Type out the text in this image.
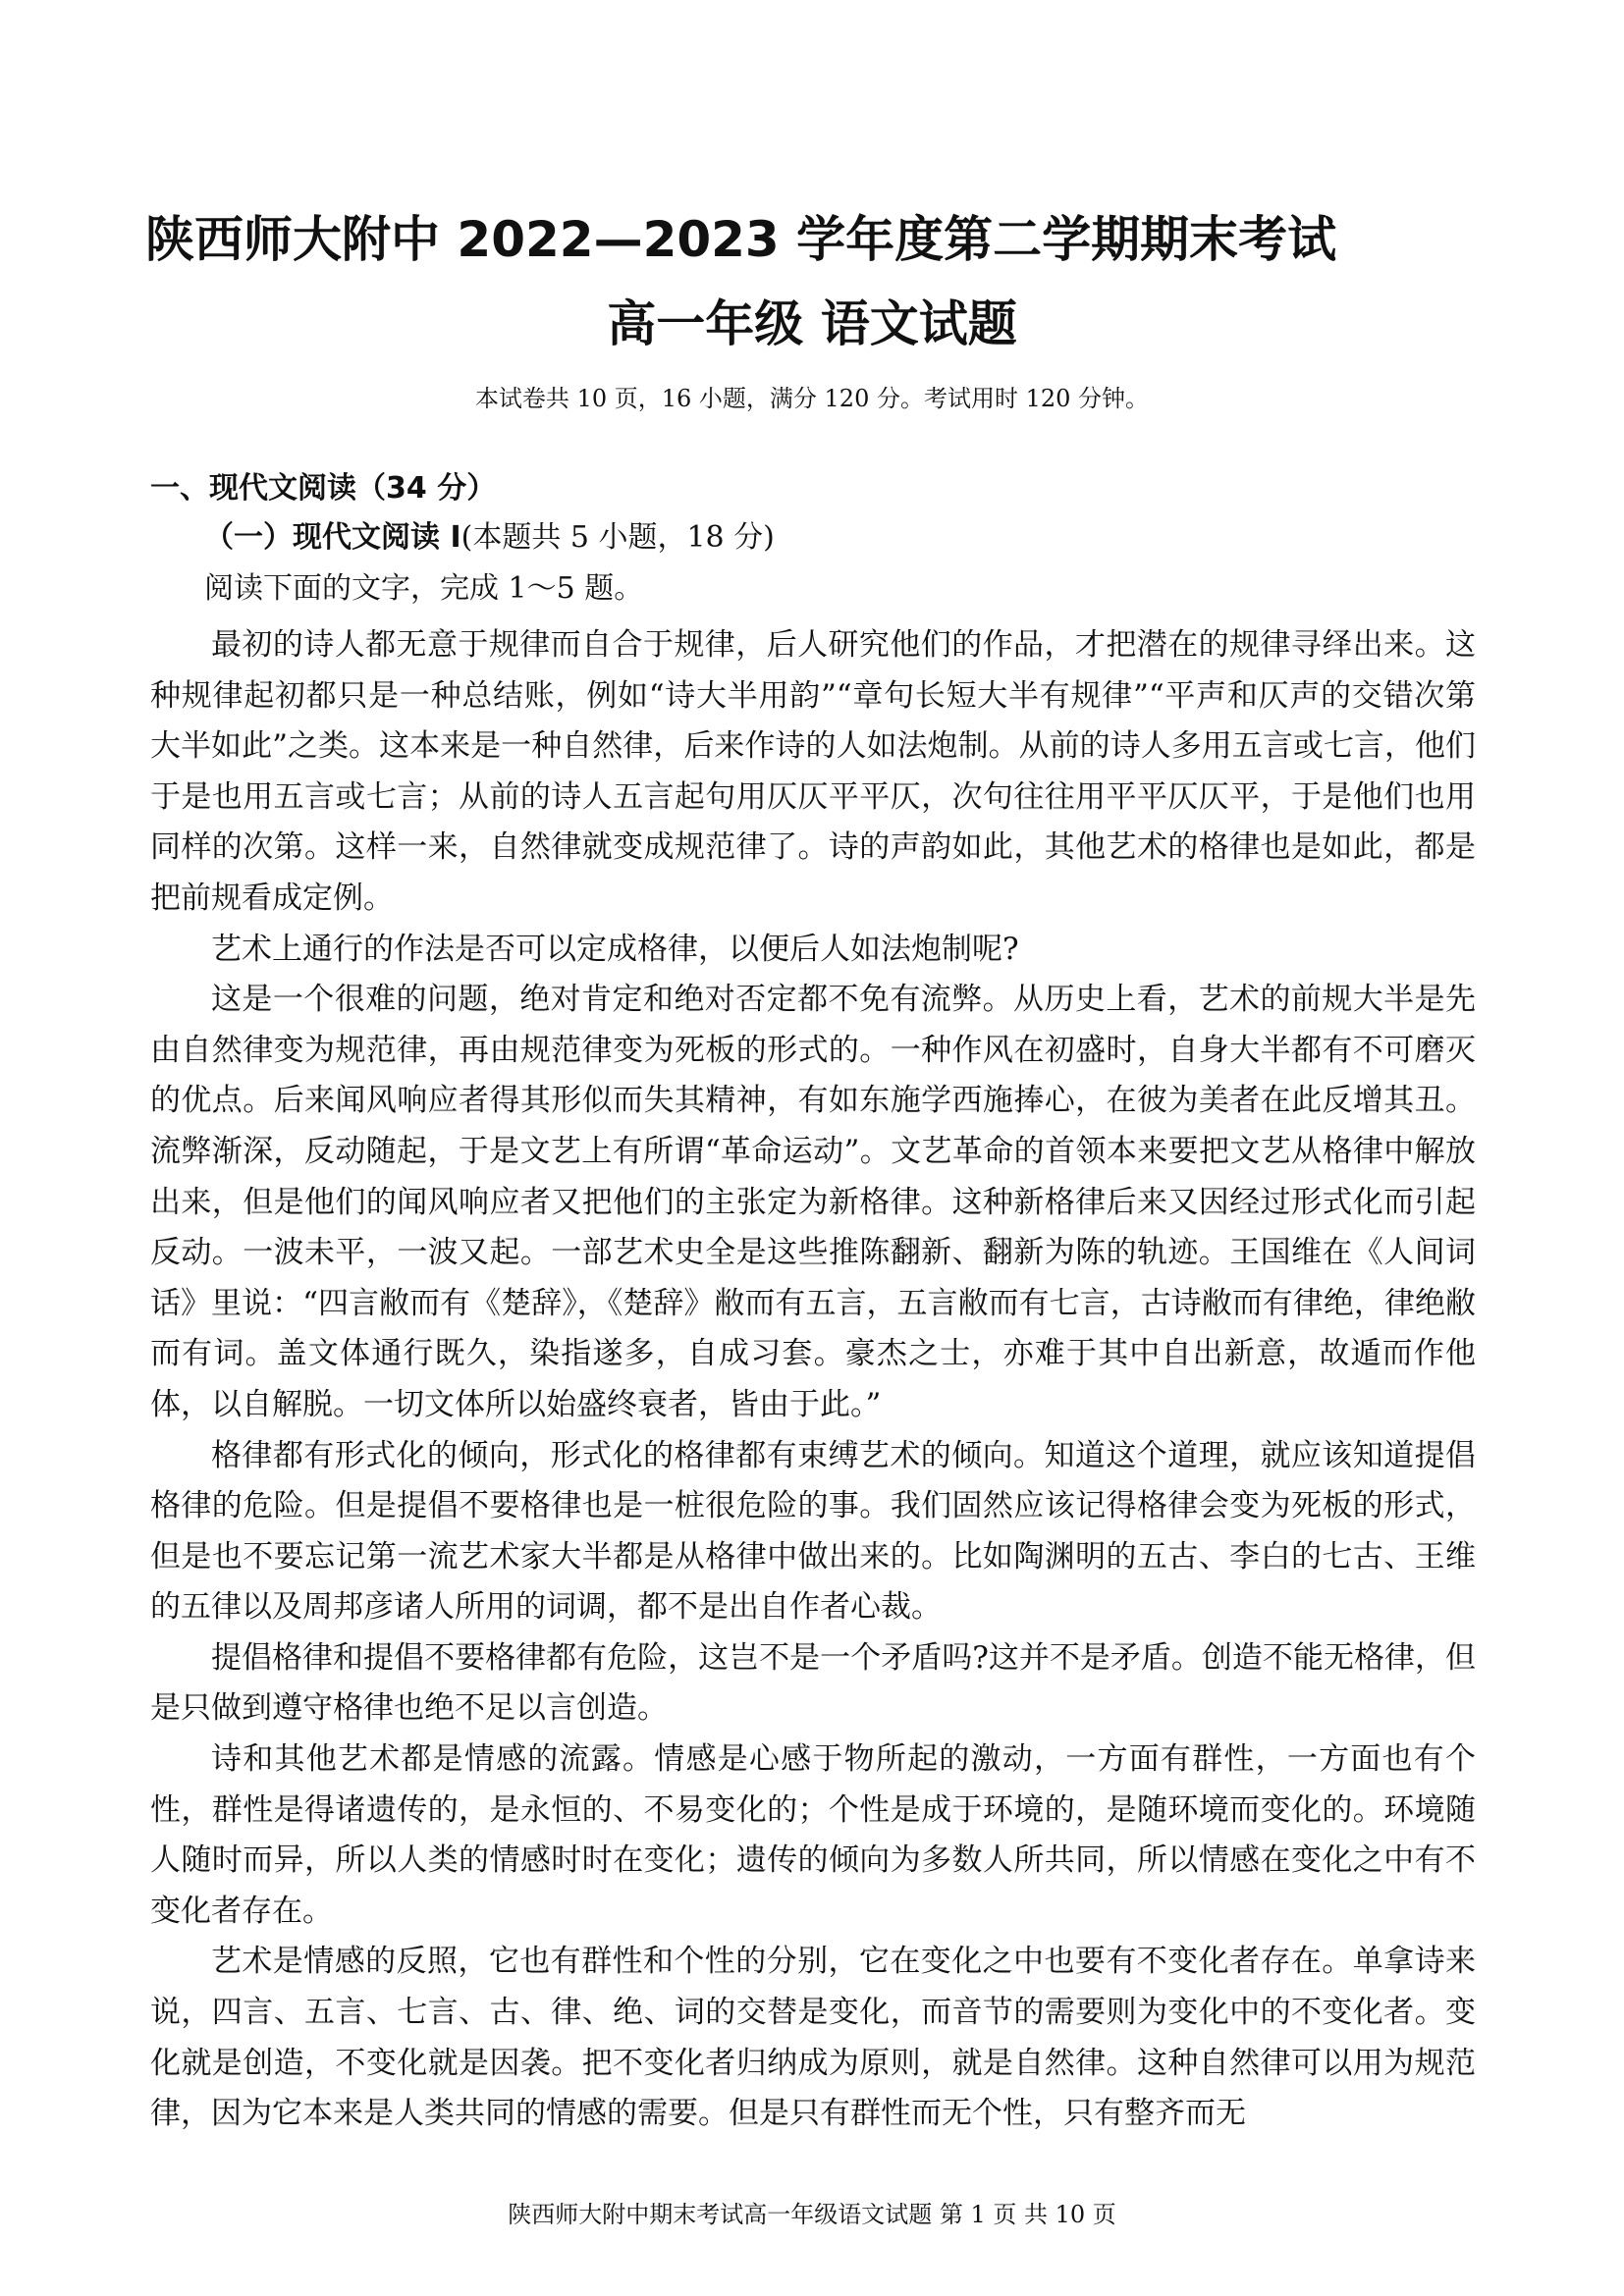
陕西师大附中 2022—2023 学年度第二学期期末考试
高一年级 语文试题
本试卷共 10 页，16 小题，满分 120 分。考试用时 120 分钟。
一、现代文阅读（34 分）
（一）现代文阅读 I(本题共 5 小题，18 分)
阅读下面的文字，完成 1～5 题。

最初的诗人都无意于规律而自合于规律，后人研究他们的作品，才把潜在的规律寻绎出来。这种规律起初都只是一种总结账，例如“诗大半用韵”“章句长短大半有规律”“平声和仄声的交错次第大半如此”之类。这本来是一种自然律，后来作诗的人如法炮制。从前的诗人多用五言或七言，他们于是也用五言或七言；从前的诗人五言起句用仄仄平平仄，次句往往用平平仄仄平，于是他们也用同样的次第。这样一来，自然律就变成规范律了。诗的声韵如此，其他艺术的格律也是如此，都是把前规看成定例。

艺术上通行的作法是否可以定成格律，以便后人如法炮制呢?

这是一个很难的问题，绝对肯定和绝对否定都不免有流弊。从历史上看，艺术的前规大半是先由自然律变为规范律，再由规范律变为死板的形式的。一种作风在初盛时，自身大半都有不可磨灭的优点。后来闻风响应者得其形似而失其精神，有如东施学西施捧心，在彼为美者在此反增其丑。流弊渐深，反动随起，于是文艺上有所谓“革命运动”。文艺革命的首领本来要把文艺从格律中解放出来，但是他们的闻风响应者又把他们的主张定为新格律。这种新格律后来又因经过形式化而引起反动。一波未平，一波又起。一部艺术史全是这些推陈翻新、翻新为陈的轨迹。王国维在《人间词话》里说：“四言敝而有《楚辞》，《楚辞》敝而有五言，五言敝而有七言，古诗敝而有律绝，律绝敝而有词。盖文体通行既久，染指遂多，自成习套。豪杰之士，亦难于其中自出新意，故遁而作他体，以自解脱。一切文体所以始盛终衰者，皆由于此。”

格律都有形式化的倾向，形式化的格律都有束缚艺术的倾向。知道这个道理，就应该知道提倡格律的危险。但是提倡不要格律也是一桩很危险的事。我们固然应该记得格律会变为死板的形式，但是也不要忘记第一流艺术家大半都是从格律中做出来的。比如陶渊明的五古、李白的七古、王维的五律以及周邦彦诸人所用的词调，都不是出自作者心裁。

提倡格律和提倡不要格律都有危险，这岂不是一个矛盾吗?这并不是矛盾。创造不能无格律，但是只做到遵守格律也绝不足以言创造。

诗和其他艺术都是情感的流露。情感是心感于物所起的激动，一方面有群性，一方面也有个性，群性是得诸遗传的，是永恒的、不易变化的；个性是成于环境的，是随环境而变化的。环境随人随时而异，所以人类的情感时时在变化；遗传的倾向为多数人所共同，所以情感在变化之中有不变化者存在。

艺术是情感的反照，它也有群性和个性的分别，它在变化之中也要有不变化者存在。单拿诗来说，四言、五言、七言、古、律、绝、词的交替是变化，而音节的需要则为变化中的不变化者。变化就是创造，不变化就是因袭。把不变化者归纳成为原则，就是自然律。这种自然律可以用为规范律，因为它本来是人类共同的情感的需要。但是只有群性而无个性，只有整齐而无

陕西师大附中期末考试高一年级语文试题 第 1 页 共 10 页
